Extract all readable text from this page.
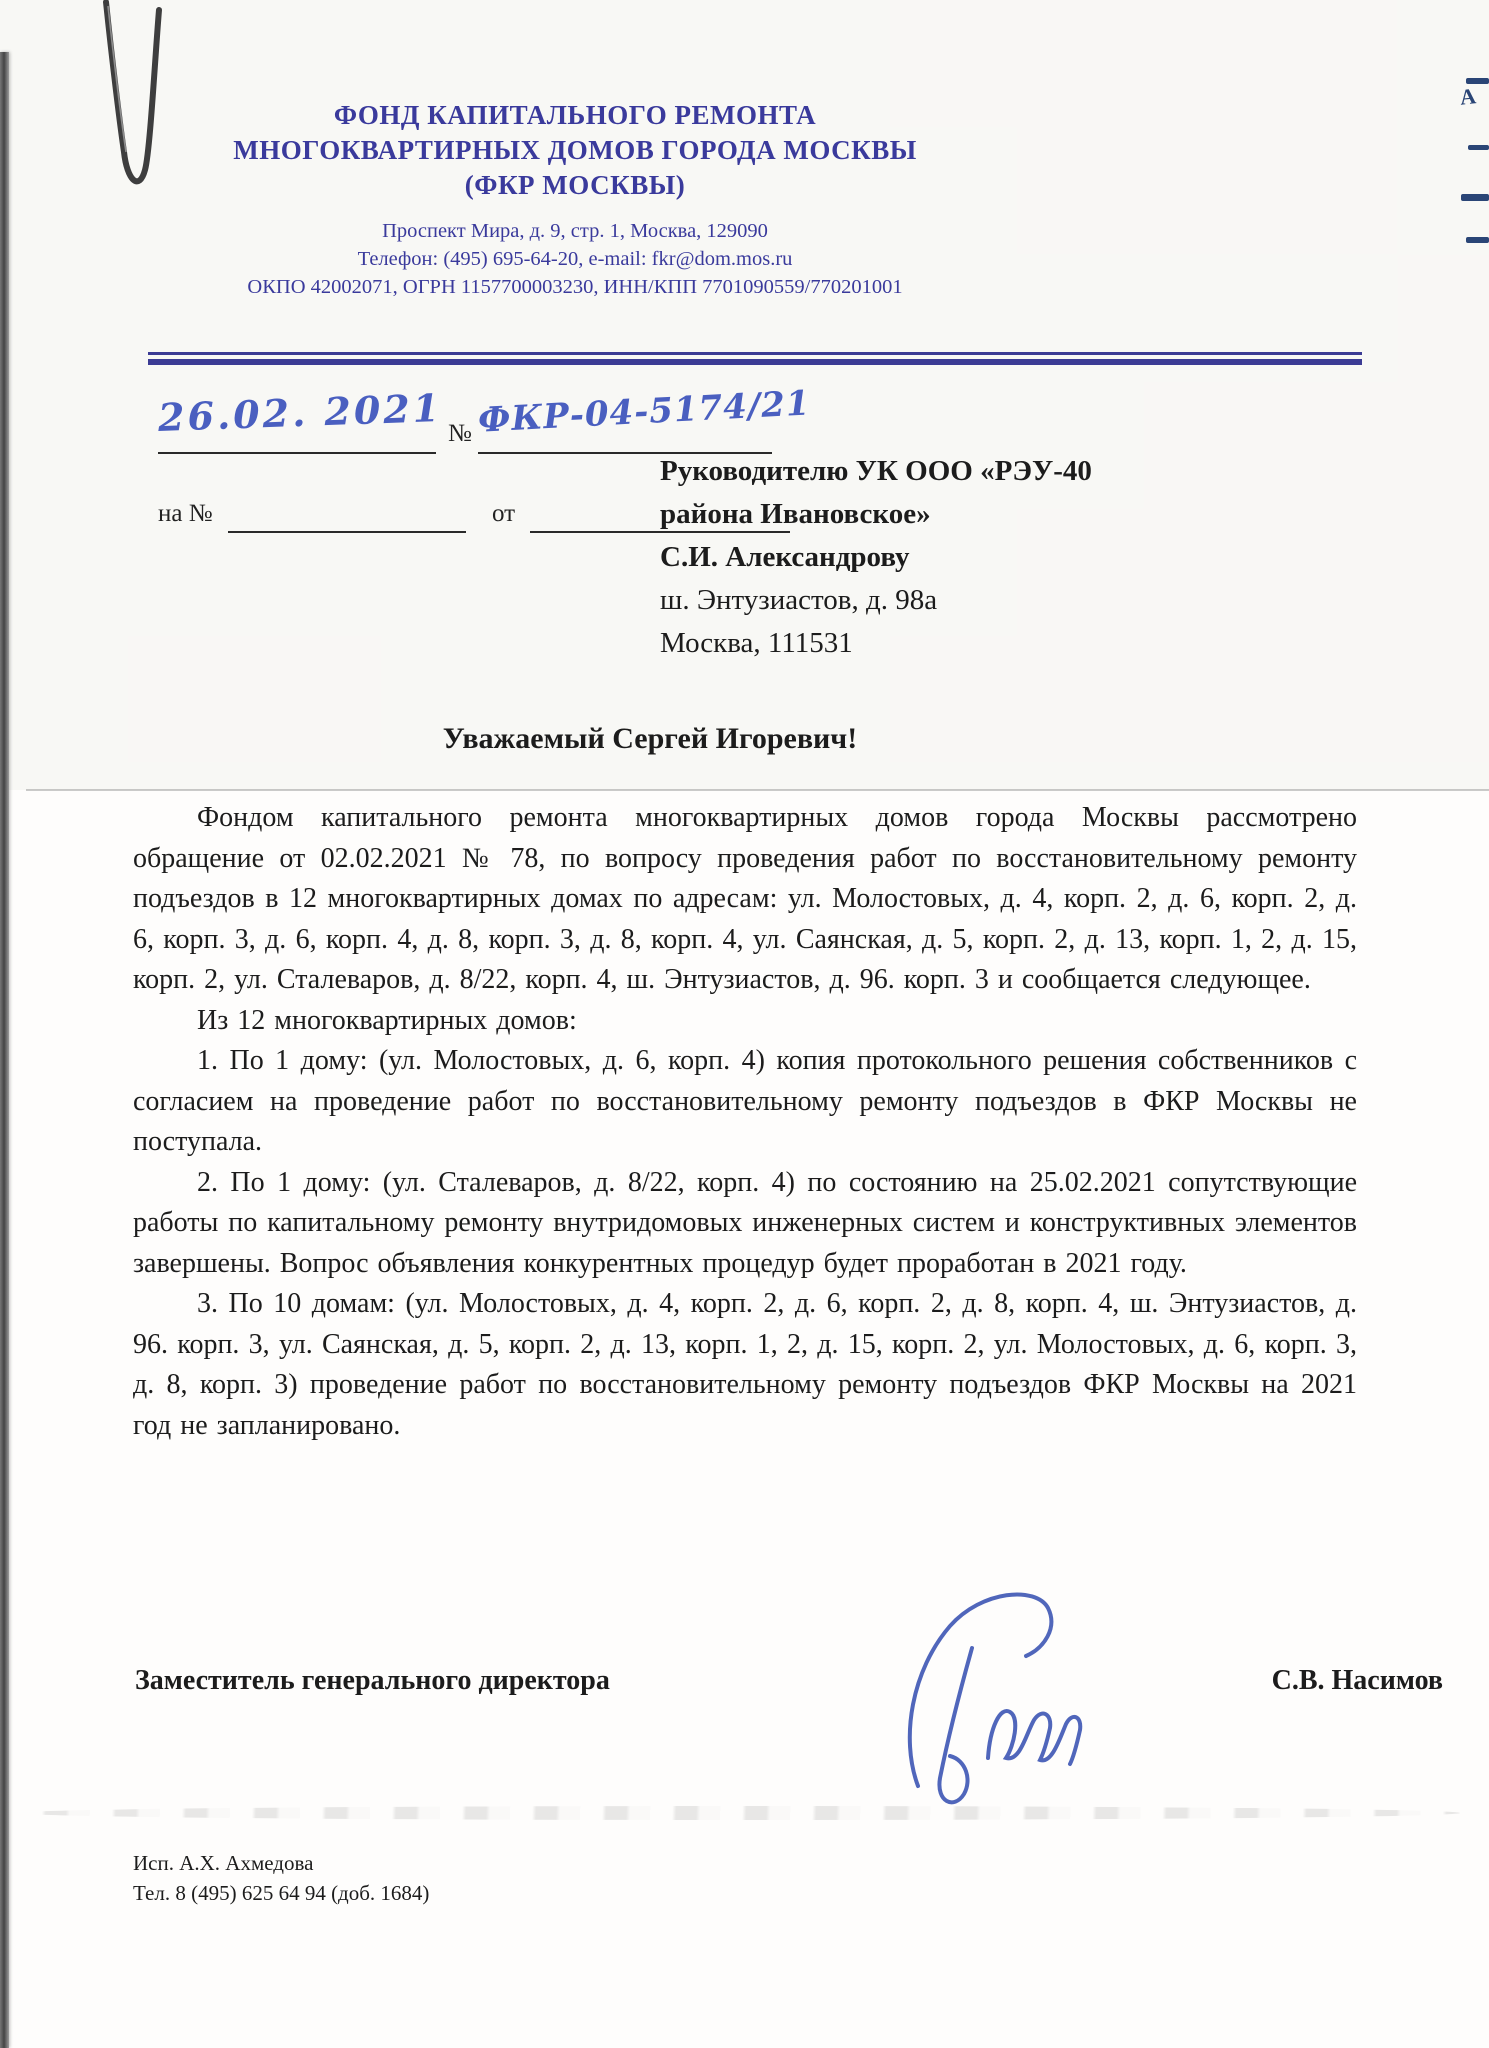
А
ФОНД КАПИТАЛЬНОГО РЕМОНТА
МНОГОКВАРТИРНЫХ ДОМОВ ГОРОДА МОСКВЫ
(ФКР МОСКВЫ)
Проспект Мира, д. 9, стр. 1, Москва, 129090
Телефон: (495) 695-64-20, e-mail: fkr@dom.mos.ru
ОКПО 42002071, ОГРН 1157700003230, ИНН/КПП 7701090559/770201001
26.02. 2021 № ФКР-04-5174/21
на №	от
Руководителю УК ООО «РЭУ-40
района Ивановское»
С.И. Александрову
ш. Энтузиастов, д. 98а
Москва, 111531
Уважаемый Сергей Игоревич!

Фондом капитального ремонта многоквартирных домов города Москвы рассмотрено обращение от 02.02.2021 № 78, по вопросу проведения работ по восстановительному ремонту подъездов в 12 многоквартирных домах по адресам: ул. Молостовых, д. 4, корп. 2, д. 6, корп. 2, д. 6, корп. 3, д. 6, корп. 4, д. 8, корп. 3, д. 8, корп. 4, ул. Саянская, д. 5, корп. 2, д. 13, корп. 1, 2, д. 15, корп. 2, ул. Сталеваров, д. 8/22, корп. 4, ш. Энтузиастов, д. 96. корп. 3 и сообщается следующее.

Из 12 многоквартирных домов:

1. По 1 дому: (ул. Молостовых, д. 6, корп. 4) копия протокольного решения собственников с согласием на проведение работ по восстановительному ремонту подъездов в ФКР Москвы не поступала.

2. По 1 дому: (ул. Сталеваров, д. 8/22, корп. 4) по состоянию на 25.02.2021 сопутствующие работы по капитальному ремонту внутридомовых инженерных систем и конструктивных элементов завершены. Вопрос объявления конкурентных процедур будет проработан в 2021 году.

3. По 10 домам: (ул. Молостовых, д. 4, корп. 2, д. 6, корп. 2, д. 8, корп. 4, ш. Энтузиастов, д. 96. корп. 3, ул. Саянская, д. 5, корп. 2, д. 13, корп. 1, 2, д. 15, корп. 2, ул. Молостовых, д. 6, корп. 3, д. 8, корп. 3) проведение работ по восстановительному ремонту подъездов ФКР Москвы на 2021 год не запланировано.

Заместитель генерального директора	С.В. Насимов
Исп. А.Х. Ахмедова
Тел. 8 (495) 625 64 94 (доб. 1684)
